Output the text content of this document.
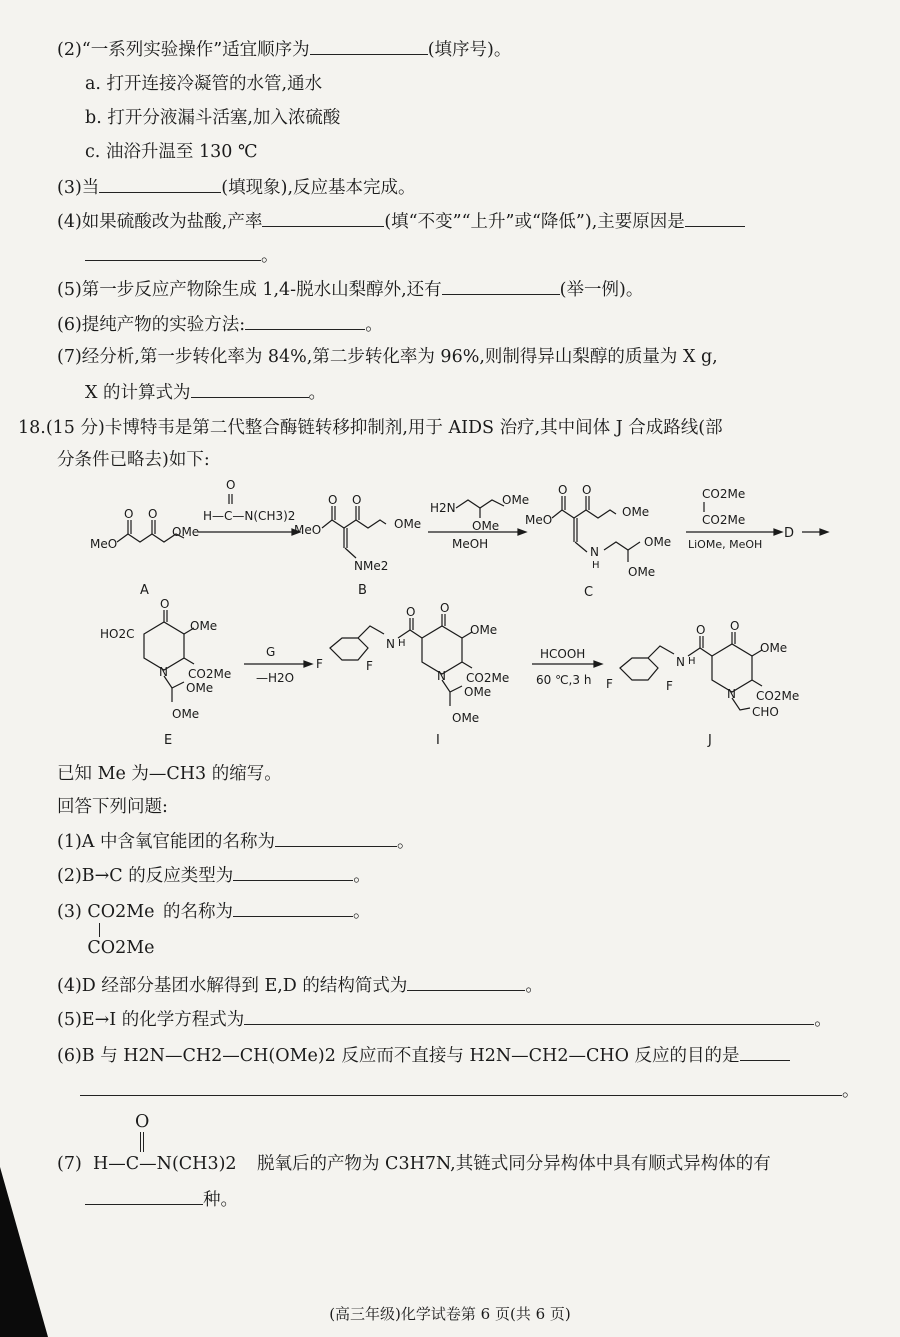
(2)“一系列实验操作”适宜顺序为	(填序号)。
a. 打开连接冷凝管的水管,通水
b. 打开分液漏斗活塞,加入浓硫酸
c. 油浴升温至 130 ℃
(3)当	(填现象),反应基本完成。
(4)如果硫酸改为盐酸,产率	(填“不变”“上升”或“降低”),主要原因是
。
(5)第一步反应产物除生成 1,4-脱水山梨醇外,还有	(举一例)。
(6)提纯产物的实验方法:	。
(7)经分析,第一步转化率为 84%,第二步转化率为 96%,则制得异山梨醇的质量为 X g,
X 的计算式为	。
18.(15 分)卡博特韦是第二代整合酶链转移抑制剂,用于 AIDS 治疗,其中间体 J 合成路线(部
分条件已略去)如下:
MeO
O O
OMe
O
H—C—N(CH3)2
MeO
O O
OMe
NMe2
H2N
OMe
OMe
MeOH
MeO
O O
OMe
N
H
OMe
OMe
CO2Me
CO2Me
LiOMe, MeOH
D
A	B	C
HO2C
O
OMe
N CO2Me
OMe
OMe
G
—H2O
F	F
N H
O O
OMe
N CO2Me
OMe
OMe
HCOOH
60 ℃,3 h F	F
N H
O O
OMe
N CO2Me
CHO
E	I	J
已知 Me 为—CH3 的缩写。
回答下列问题:
(1)A 中含氧官能团的名称为	。
(2)B→C 的反应类型为	。
(3) CO2Me
CO2Me
的名称为	。
(4)D 经部分基团水解得到 E,D 的结构简式为	。
(5)E→I 的化学方程式为	。
(6)B 与 H2N—CH2—CH(OMe)2 反应而不直接与 H2N—CH2—CHO 反应的目的是
。
(7)
O
H—C—N(CH3)2 脱氧后的产物为 C3H7N,其链式同分异构体中具有顺式异构体的有
种。
(高三年级)化学试卷第 6 页(共 6 页)
